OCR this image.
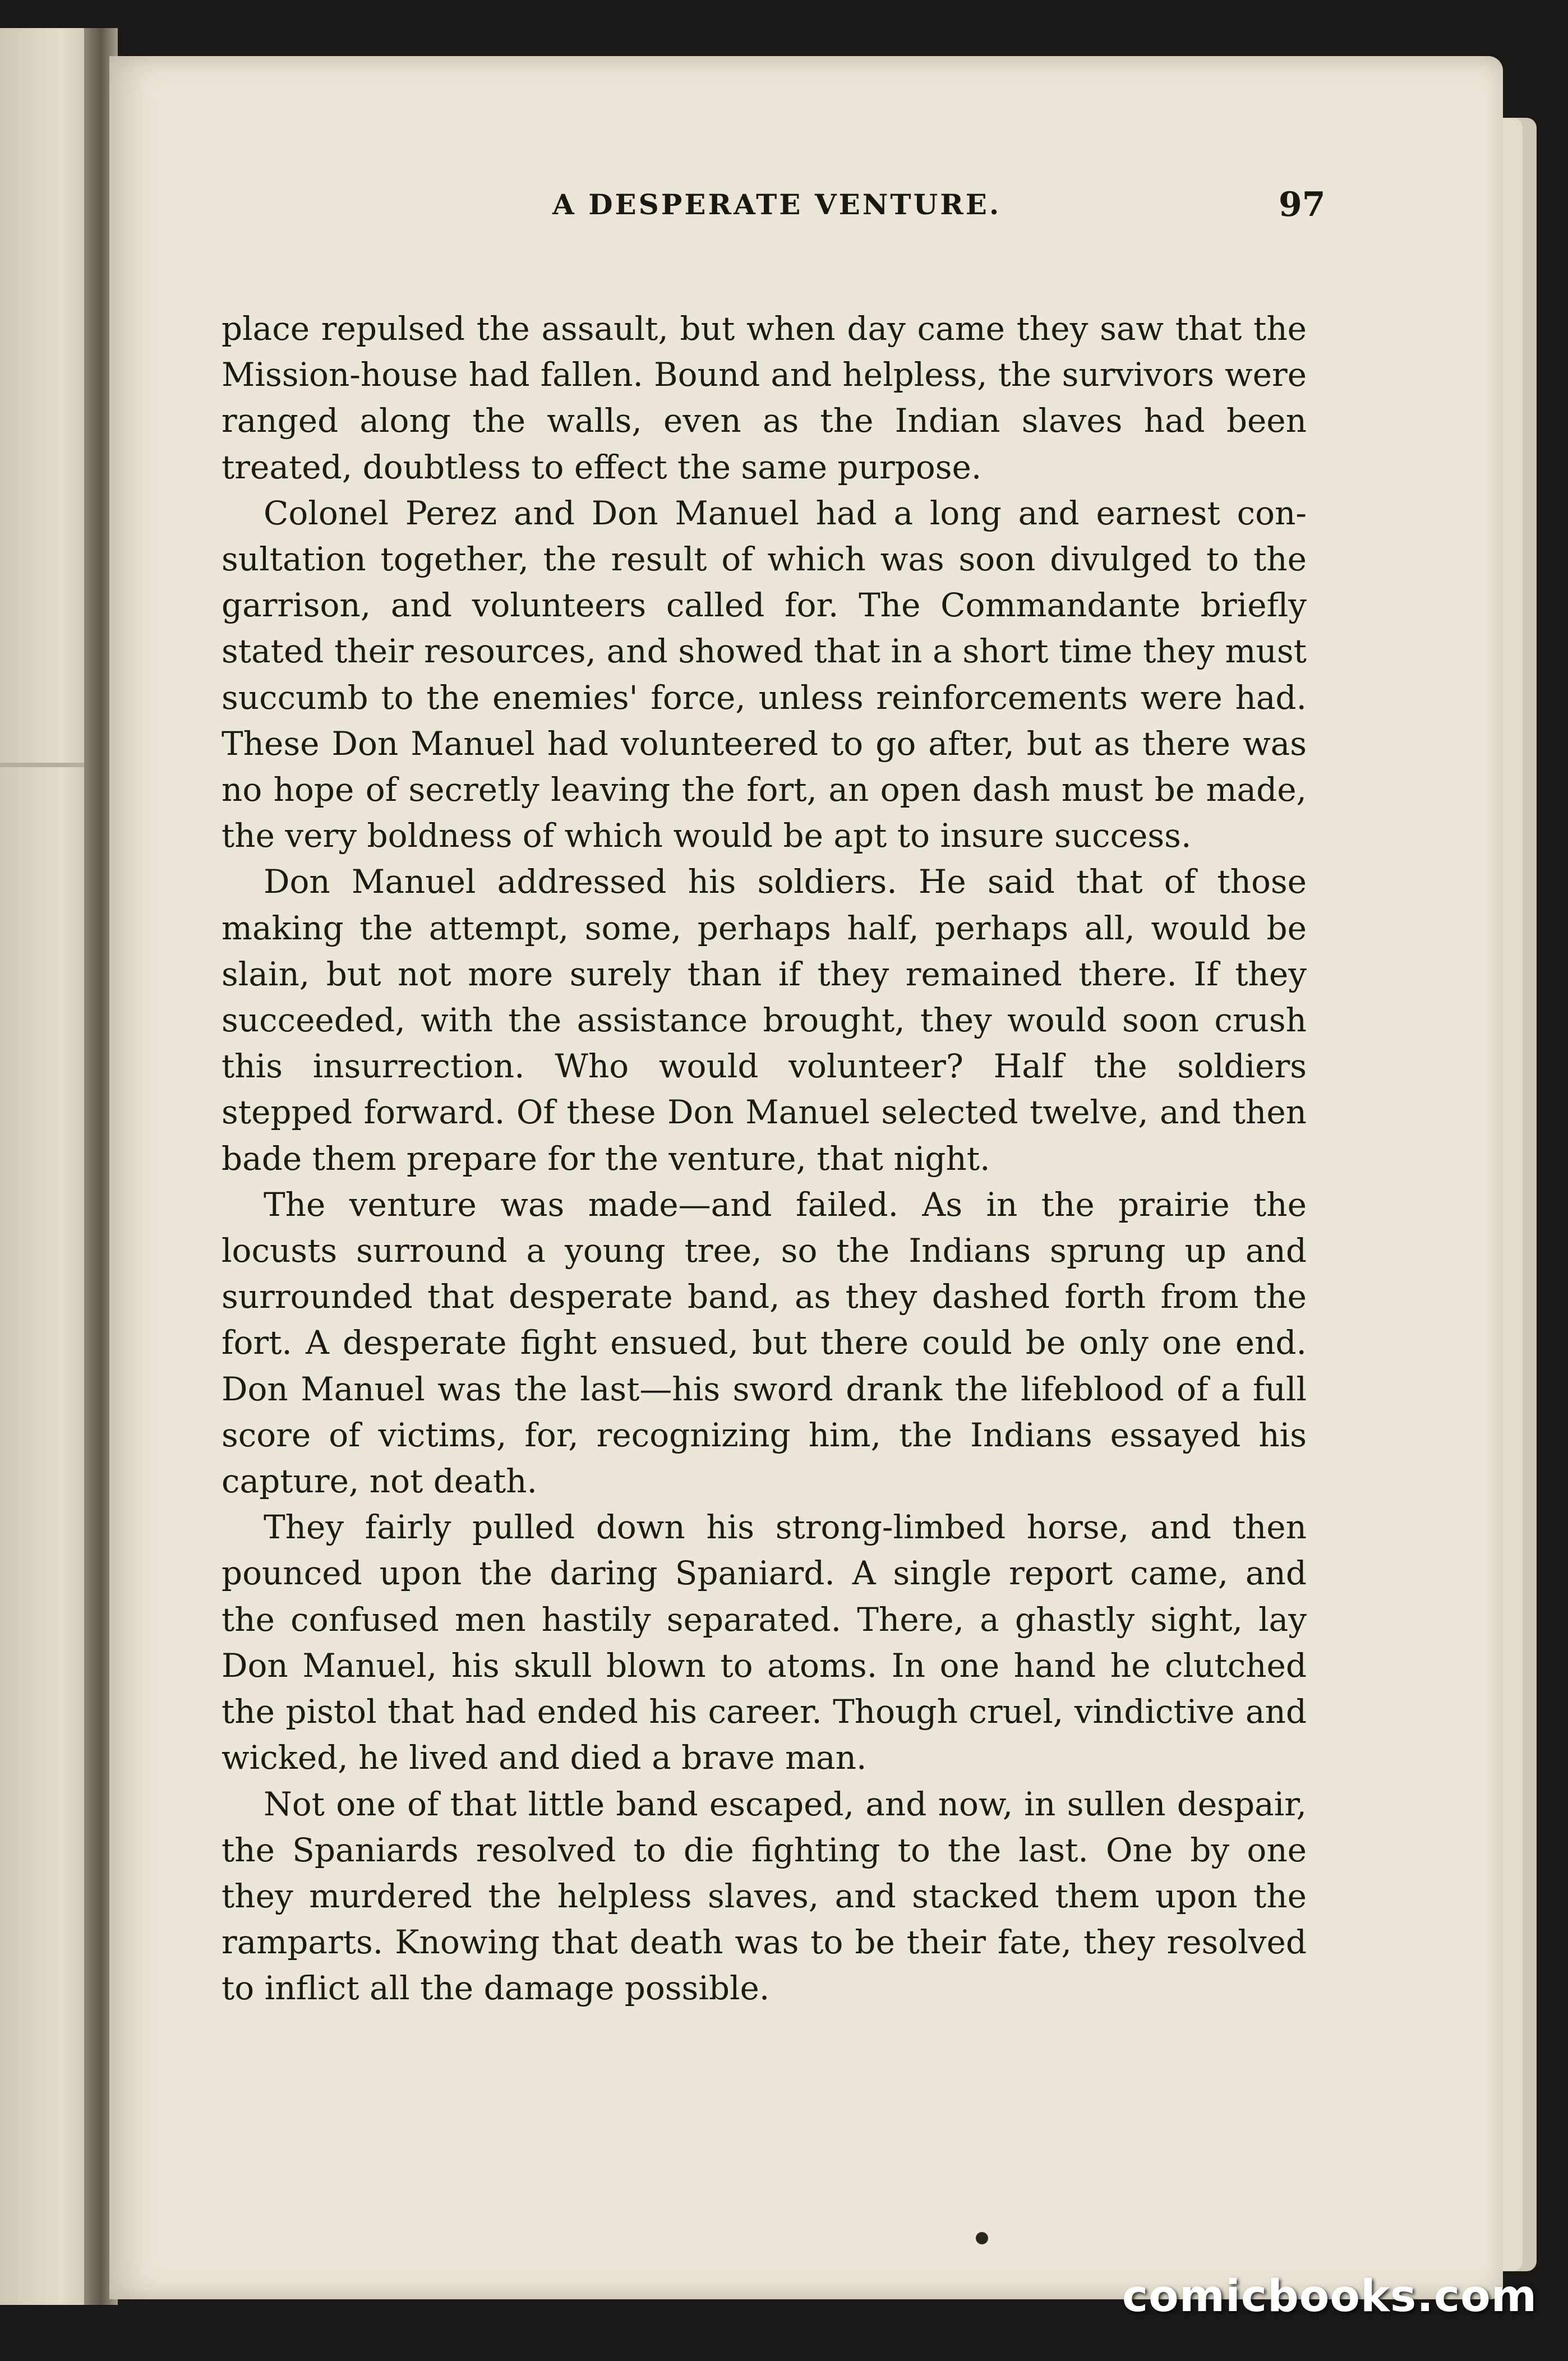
A DESPERATE VENTURE.	97

place repulsed the assault, but when day came they saw that the Mission-house had fallen. Bound and helpless, the survivors were ranged along the walls, even as the Indian slaves had been treated, doubtless to effect the same purpose.

Colonel Perez and Don Manuel had a long and earnest consultation together, the result of which was soon divulged to the garrison, and volunteers called for. The Commandante briefly stated their resources, and showed that in a short time they must succumb to the enemies' force, unless reinforcements were had. These Don Manuel had volunteered to go after, but as there was no hope of secretly leaving the fort, an open dash must be made, the very boldness of which would be apt to insure success.

Don Manuel addressed his soldiers. He said that of those making the attempt, some, perhaps half, perhaps all, would be slain, but not more surely than if they remained there. If they succeeded, with the assistance brought, they would soon crush this insurrection. Who would volunteer? Half the soldiers stepped forward. Of these Don Manuel selected twelve, and then bade them prepare for the venture, that night.

The venture was made—and failed. As in the prairie the locusts surround a young tree, so the Indians sprung up and surrounded that desperate band, as they dashed forth from the fort. A desperate fight ensued, but there could be only one end. Don Manuel was the last—his sword drank the lifeblood of a full score of victims, for, recognizing him, the Indians essayed his capture, not death.

They fairly pulled down his strong-limbed horse, and then pounced upon the daring Spaniard. A single report came, and the confused men hastily separated. There, a ghastly sight, lay Don Manuel, his skull blown to atoms. In one hand he clutched the pistol that had ended his career. Though cruel, vindictive and wicked, he lived and died a brave man.

Not one of that little band escaped, and now, in sullen despair, the Spaniards resolved to die fighting to the last. One by one they murdered the helpless slaves, and stacked them upon the ramparts. Knowing that death was to be their fate, they resolved to inflict all the damage possible.

comicbooks.com
